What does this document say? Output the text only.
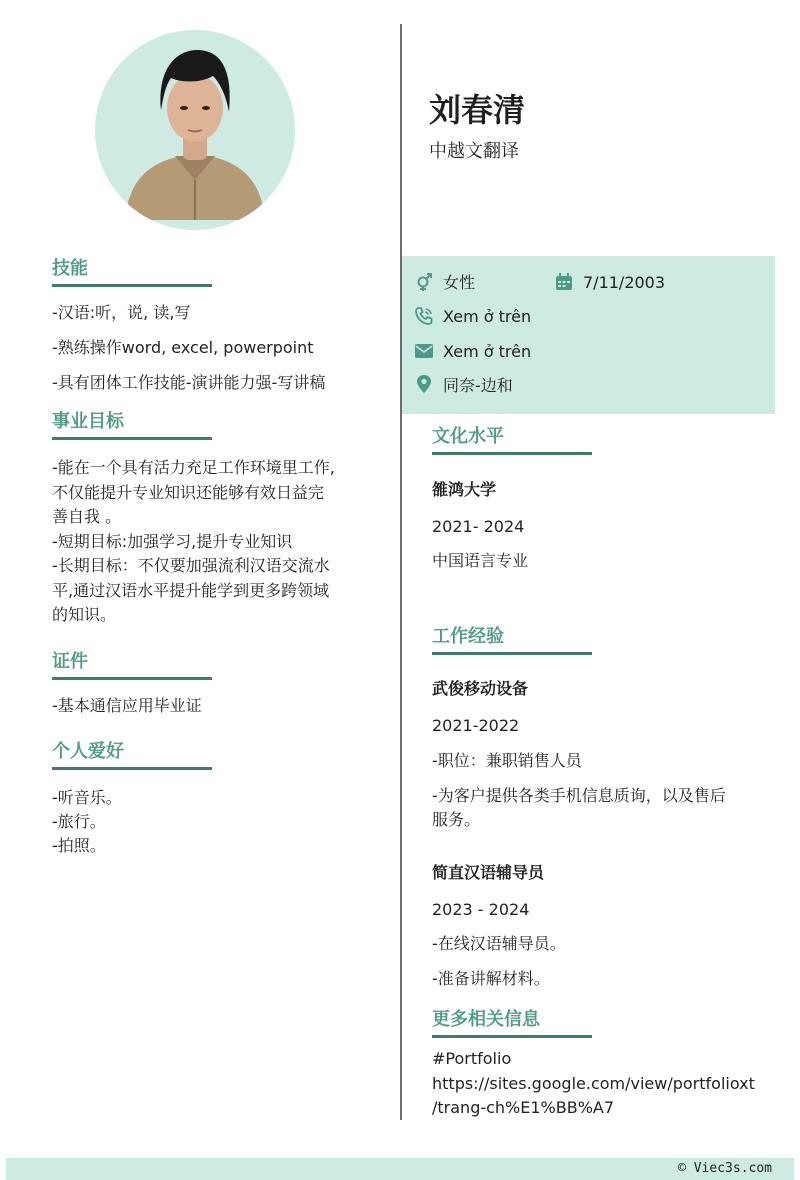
刘春清
中越文翻译
女性	7/11/2003
Xem ở trên
Xem ở trên
同奈-边和
技能
-汉语:听，说, 读,写
-熟练操作word, excel, powerpoint
-具有团体工作技能-演讲能力强-写讲稿
事业目标
-能在一个具有活力充足工作环境里工作,
不仅能提升专业知识还能够有效日益完
善自我 。
-短期目标:加强学习,提升专业知识
-长期目标：不仅要加强流利汉语交流水
平,通过汉语水平提升能学到更多跨领域
的知识。
证件
-基本通信应用毕业证
个人爱好
-听音乐。
-旅行。
-拍照。
文化水平
雒鸿大学
2021- 2024
中国语言专业
工作经验
武俊移动设备
2021-2022
-职位：兼职销售人员
-为客户提供各类手机信息质询，以及售后
服务。
简直汉语辅导员
2023 - 2024
-在线汉语辅导员。
-准备讲解材料。
更多相关信息
#Portfolio
https://sites.google.com/view/portfolioxt
/trang-ch%E1%BB%A7
© Viec3s.com
